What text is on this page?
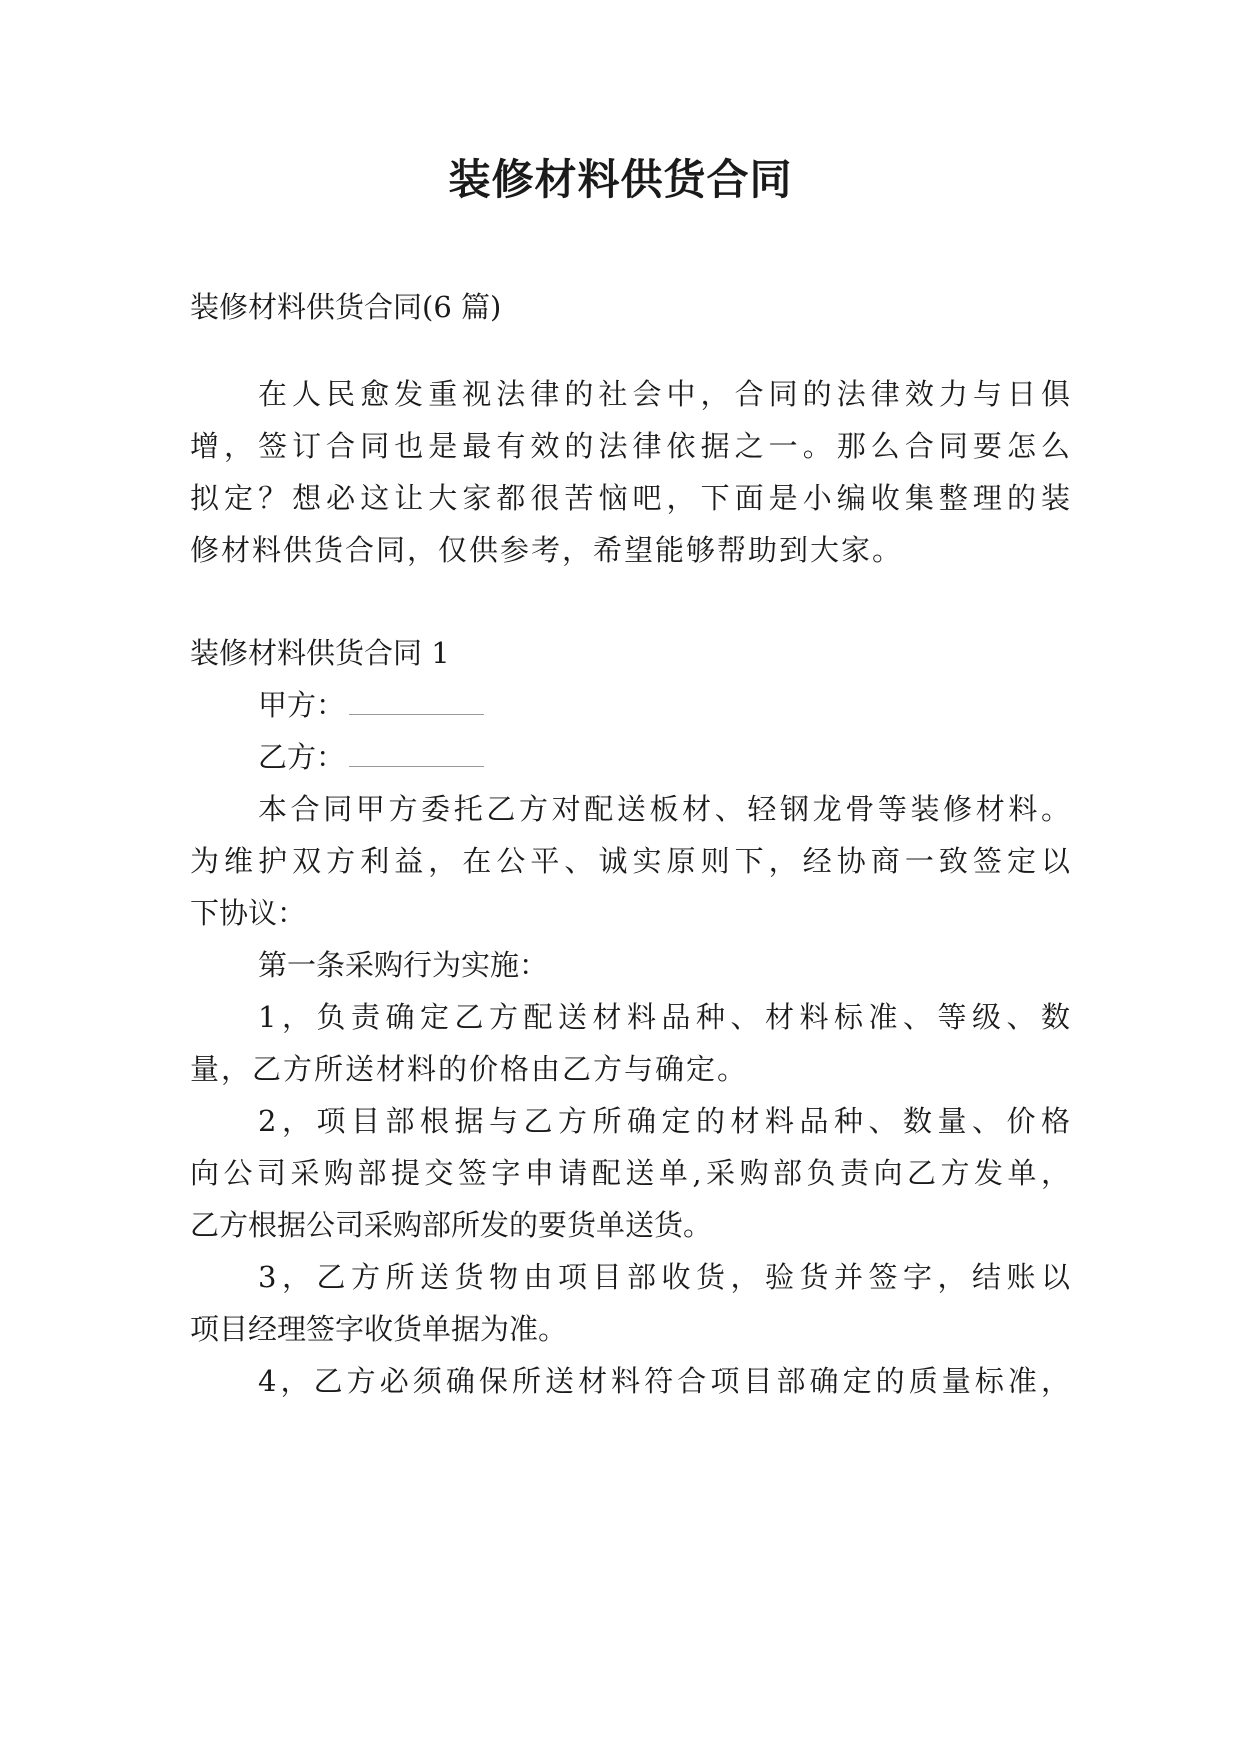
装修材料供货合同

装修材料供货合同(6 篇)

在人民愈发重视法律的社会中，合同的法律效力与日俱

增，签订合同也是最有效的法律依据之一。那么合同要怎么

拟定？想必这让大家都很苦恼吧，下面是小编收集整理的装

修材料供货合同，仅供参考，希望能够帮助到大家。

装修材料供货合同 1

甲方：

乙方：

本合同甲方委托乙方对配送板材、轻钢龙骨等装修材料。

为维护双方利益，在公平、诚实原则下，经协商一致签定以

下协议：

第一条采购行为实施：

1，负责确定乙方配送材料品种、材料标准、等级、数

量，乙方所送材料的价格由乙方与确定。

2，项目部根据与乙方所确定的材料品种、数量、价格

向公司采购部提交签字申请配送单,采购部负责向乙方发单，

乙方根据公司采购部所发的要货单送货。

3，乙方所送货物由项目部收货，验货并签字，结账以

项目经理签字收货单据为准。

4，乙方必须确保所送材料符合项目部确定的质量标准，
